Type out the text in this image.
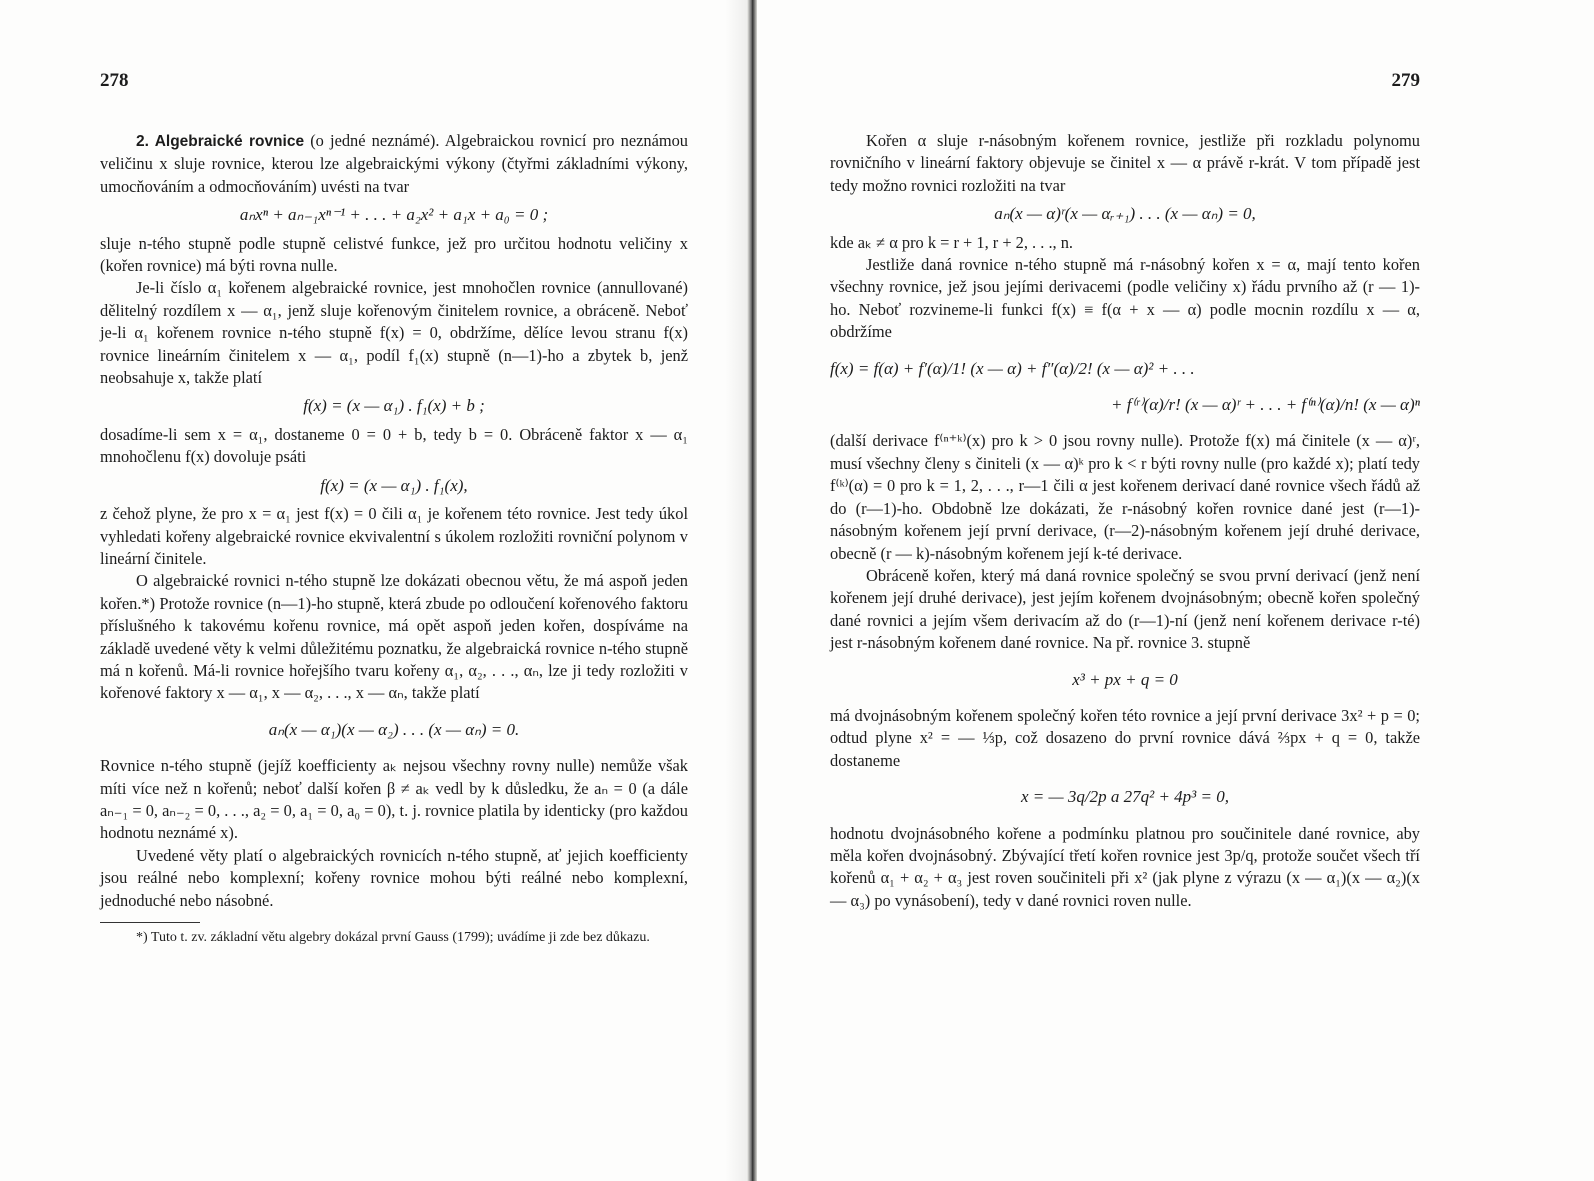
278

2. Algebraické rovnice (o jedné neznámé). Algebraickou rovnicí pro neznámou veličinu x sluje rovnice, kterou lze algebraickými výkony (čtyřmi základními výkony, umocňováním a odmocňováním) uvésti na tvar

aₙxⁿ + aₙ₋₁xⁿ⁻¹ + . . . + a₂x² + a₁x + a₀ = 0 ;

sluje n-tého stupně podle stupně celistvé funkce, jež pro určitou hodnotu veličiny x (kořen rovnice) má býti rovna nulle.

Je-li číslo α₁ kořenem algebraické rovnice, jest mnohočlen rovnice (annullované) dělitelný rozdílem x — α₁, jenž sluje kořenovým činitelem rovnice, a obráceně. Neboť je-li α₁ kořenem rovnice n-tého stupně f(x) = 0, obdržíme, dělíce levou stranu f(x) rovnice lineárním činitelem x — α₁, podíl f₁(x) stupně (n—1)-ho a zbytek b, jenž neobsahuje x, takže platí

f(x) = (x — α₁) . f₁(x) + b ;

dosadíme-li sem x = α₁, dostaneme 0 = 0 + b, tedy b = 0. Obráceně faktor x — α₁ mnohočlenu f(x) dovoluje psáti

f(x) = (x — α₁) . f₁(x),

z čehož plyne, že pro x = α₁ jest f(x) = 0 čili α₁ je kořenem této rovnice. Jest tedy úkol vyhledati kořeny algebraické rovnice ekvivalentní s úkolem rozložiti rovniční polynom v lineární činitele.

O algebraické rovnici n-tého stupně lze dokázati obecnou větu, že má aspoň jeden kořen.*) Protože rovnice (n—1)-ho stupně, která zbude po odloučení kořenového faktoru příslušného k takovému kořenu rovnice, má opět aspoň jeden kořen, dospíváme na základě uvedené věty k velmi důležitému poznatku, že algebraická rovnice n-tého stupně má n kořenů. Má-li rovnice hořejšího tvaru kořeny α₁, α₂, . . ., αₙ, lze ji tedy rozložiti v kořenové faktory x — α₁, x — α₂, . . ., x — αₙ, takže platí

aₙ(x — α₁)(x — α₂) . . . (x — αₙ) = 0.

Rovnice n-tého stupně (jejíž koefficienty aₖ nejsou všechny rovny nulle) nemůže však míti více než n kořenů; neboť další kořen β ≠ aₖ vedl by k důsledku, že aₙ = 0 (a dále aₙ₋₁ = 0, aₙ₋₂ = 0, . . ., a₂ = 0, a₁ = 0, a₀ = 0), t. j. rovnice platila by identicky (pro každou hodnotu neznámé x).

Uvedené věty platí o algebraických rovnicích n-tého stupně, ať jejich koefficienty jsou reálné nebo komplexní; kořeny rovnice mohou býti reálné nebo komplexní, jednoduché nebo násobné.

*) Tuto t. zv. základní větu algebry dokázal první Gauss (1799); uvádíme ji zde bez důkazu.

279

Kořen α sluje r-násobným kořenem rovnice, jestliže při rozkladu polynomu rovničního v lineární faktory objevuje se činitel x — α právě r-krát. V tom případě jest tedy možno rovnici rozložiti na tvar

aₙ(x — α)ʳ(x — αᵣ₊₁) . . . (x — αₙ) = 0,

kde aₖ ≠ α pro k = r + 1, r + 2, . . ., n.

Jestliže daná rovnice n-tého stupně má r-násobný kořen x = α, mají tento kořen všechny rovnice, jež jsou jejími derivacemi (podle veličiny x) řádu prvního až (r — 1)-ho. Neboť rozvineme-li funkci f(x) ≡ f(α + x — α) podle mocnin rozdílu x — α, obdržíme

f(x) = f(α) + f′(α)/1! (x — α) + f″(α)/2! (x — α)² + . . .
+ f⁽ʳ⁾(α)/r! (x — α)ʳ + . . . + f⁽ⁿ⁾(α)/n! (x — α)ⁿ

(další derivace f⁽ⁿ⁺ᵏ⁾(x) pro k > 0 jsou rovny nulle). Protože f(x) má činitele (x — α)ʳ, musí všechny členy s činiteli (x — α)ᵏ pro k < r býti rovny nulle (pro každé x); platí tedy f⁽ᵏ⁾(α) = 0 pro k = 1, 2, . . ., r—1 čili α jest kořenem derivací dané rovnice všech řádů až do (r—1)-ho. Obdobně lze dokázati, že r-násobný kořen rovnice dané jest (r—1)-násobným kořenem její první derivace, (r—2)-násobným kořenem její druhé derivace, obecně (r — k)-násobným kořenem její k-té derivace.

Obráceně kořen, který má daná rovnice společný se svou první derivací (jenž není kořenem její druhé derivace), jest jejím kořenem dvojnásobným; obecně kořen společný dané rovnici a jejím všem derivacím až do (r—1)-ní (jenž není kořenem derivace r-té) jest r-násobným kořenem dané rovnice. Na př. rovnice 3. stupně

x³ + px + q = 0

má dvojnásobným kořenem společný kořen této rovnice a její první derivace 3x² + p = 0; odtud plyne x² = — ⅓p, což dosazeno do první rovnice dává ⅔px + q = 0, takže dostaneme

x = — 3q/2p a 27q² + 4p³ = 0,

hodnotu dvojnásobného kořene a podmínku platnou pro součinitele dané rovnice, aby měla kořen dvojnásobný. Zbývající třetí kořen rovnice jest 3p/q, protože součet všech tří kořenů α₁ + α₂ + α₃ jest roven součiniteli při x² (jak plyne z výrazu (x — α₁)(x — α₂)(x — α₃) po vynásobení), tedy v dané rovnici roven nulle.
